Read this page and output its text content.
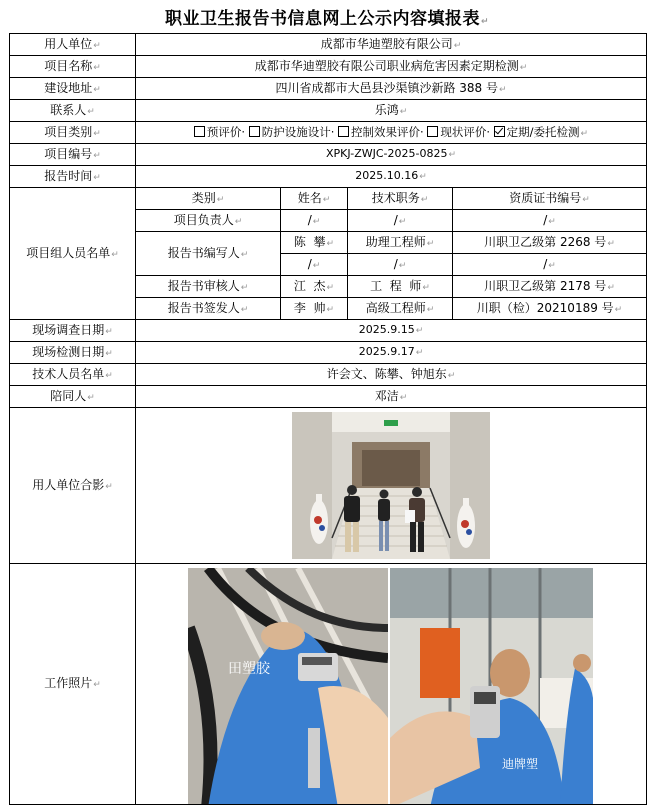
职业卫生报告书信息网上公示内容填报表↵
用人单位↵	成都市华迪塑胶有限公司↵			
项目名称↵	成都市华迪塑胶有限公司职业病危害因素定期检测↵			
建设地址↵	四川省成都市大邑县沙渠镇沙新路 388 号↵			
联系人↵	乐鸿↵			
项目类别↵	预评价· 防护设施设计· 控制效果评价· 现状评价· 定期/委托检测↵			
项目编号↵	XPKJ-ZWJC-2025-0825↵			
报告时间↵	2025.10.16↵			
项目组人员名单↵	类别↵	姓名↵	技术职务↵	资质证书编号↵
	项目负责人↵	/↵	/↵	/↵
	报告书编写人↵	陈  攀↵	助理工程师↵	川职卫乙级第 2268 号↵
		/↵	/↵	/↵
	报告书审核人↵	江  杰↵	工  程  师↵	川职卫乙级第 2178 号↵
	报告书签发人↵	李  帅↵	高级工程师↵	川职（检）20210189 号↵
现场调查日期↵	2025.9.15↵			
现场检测日期↵	2025.9.17↵			
技术人员名单↵	许会文、陈攀、钟旭东↵			
陪同人↵	邓洁↵			
用人单位合影↵	

工作照片↵	田塑胶
迪牌塑			
